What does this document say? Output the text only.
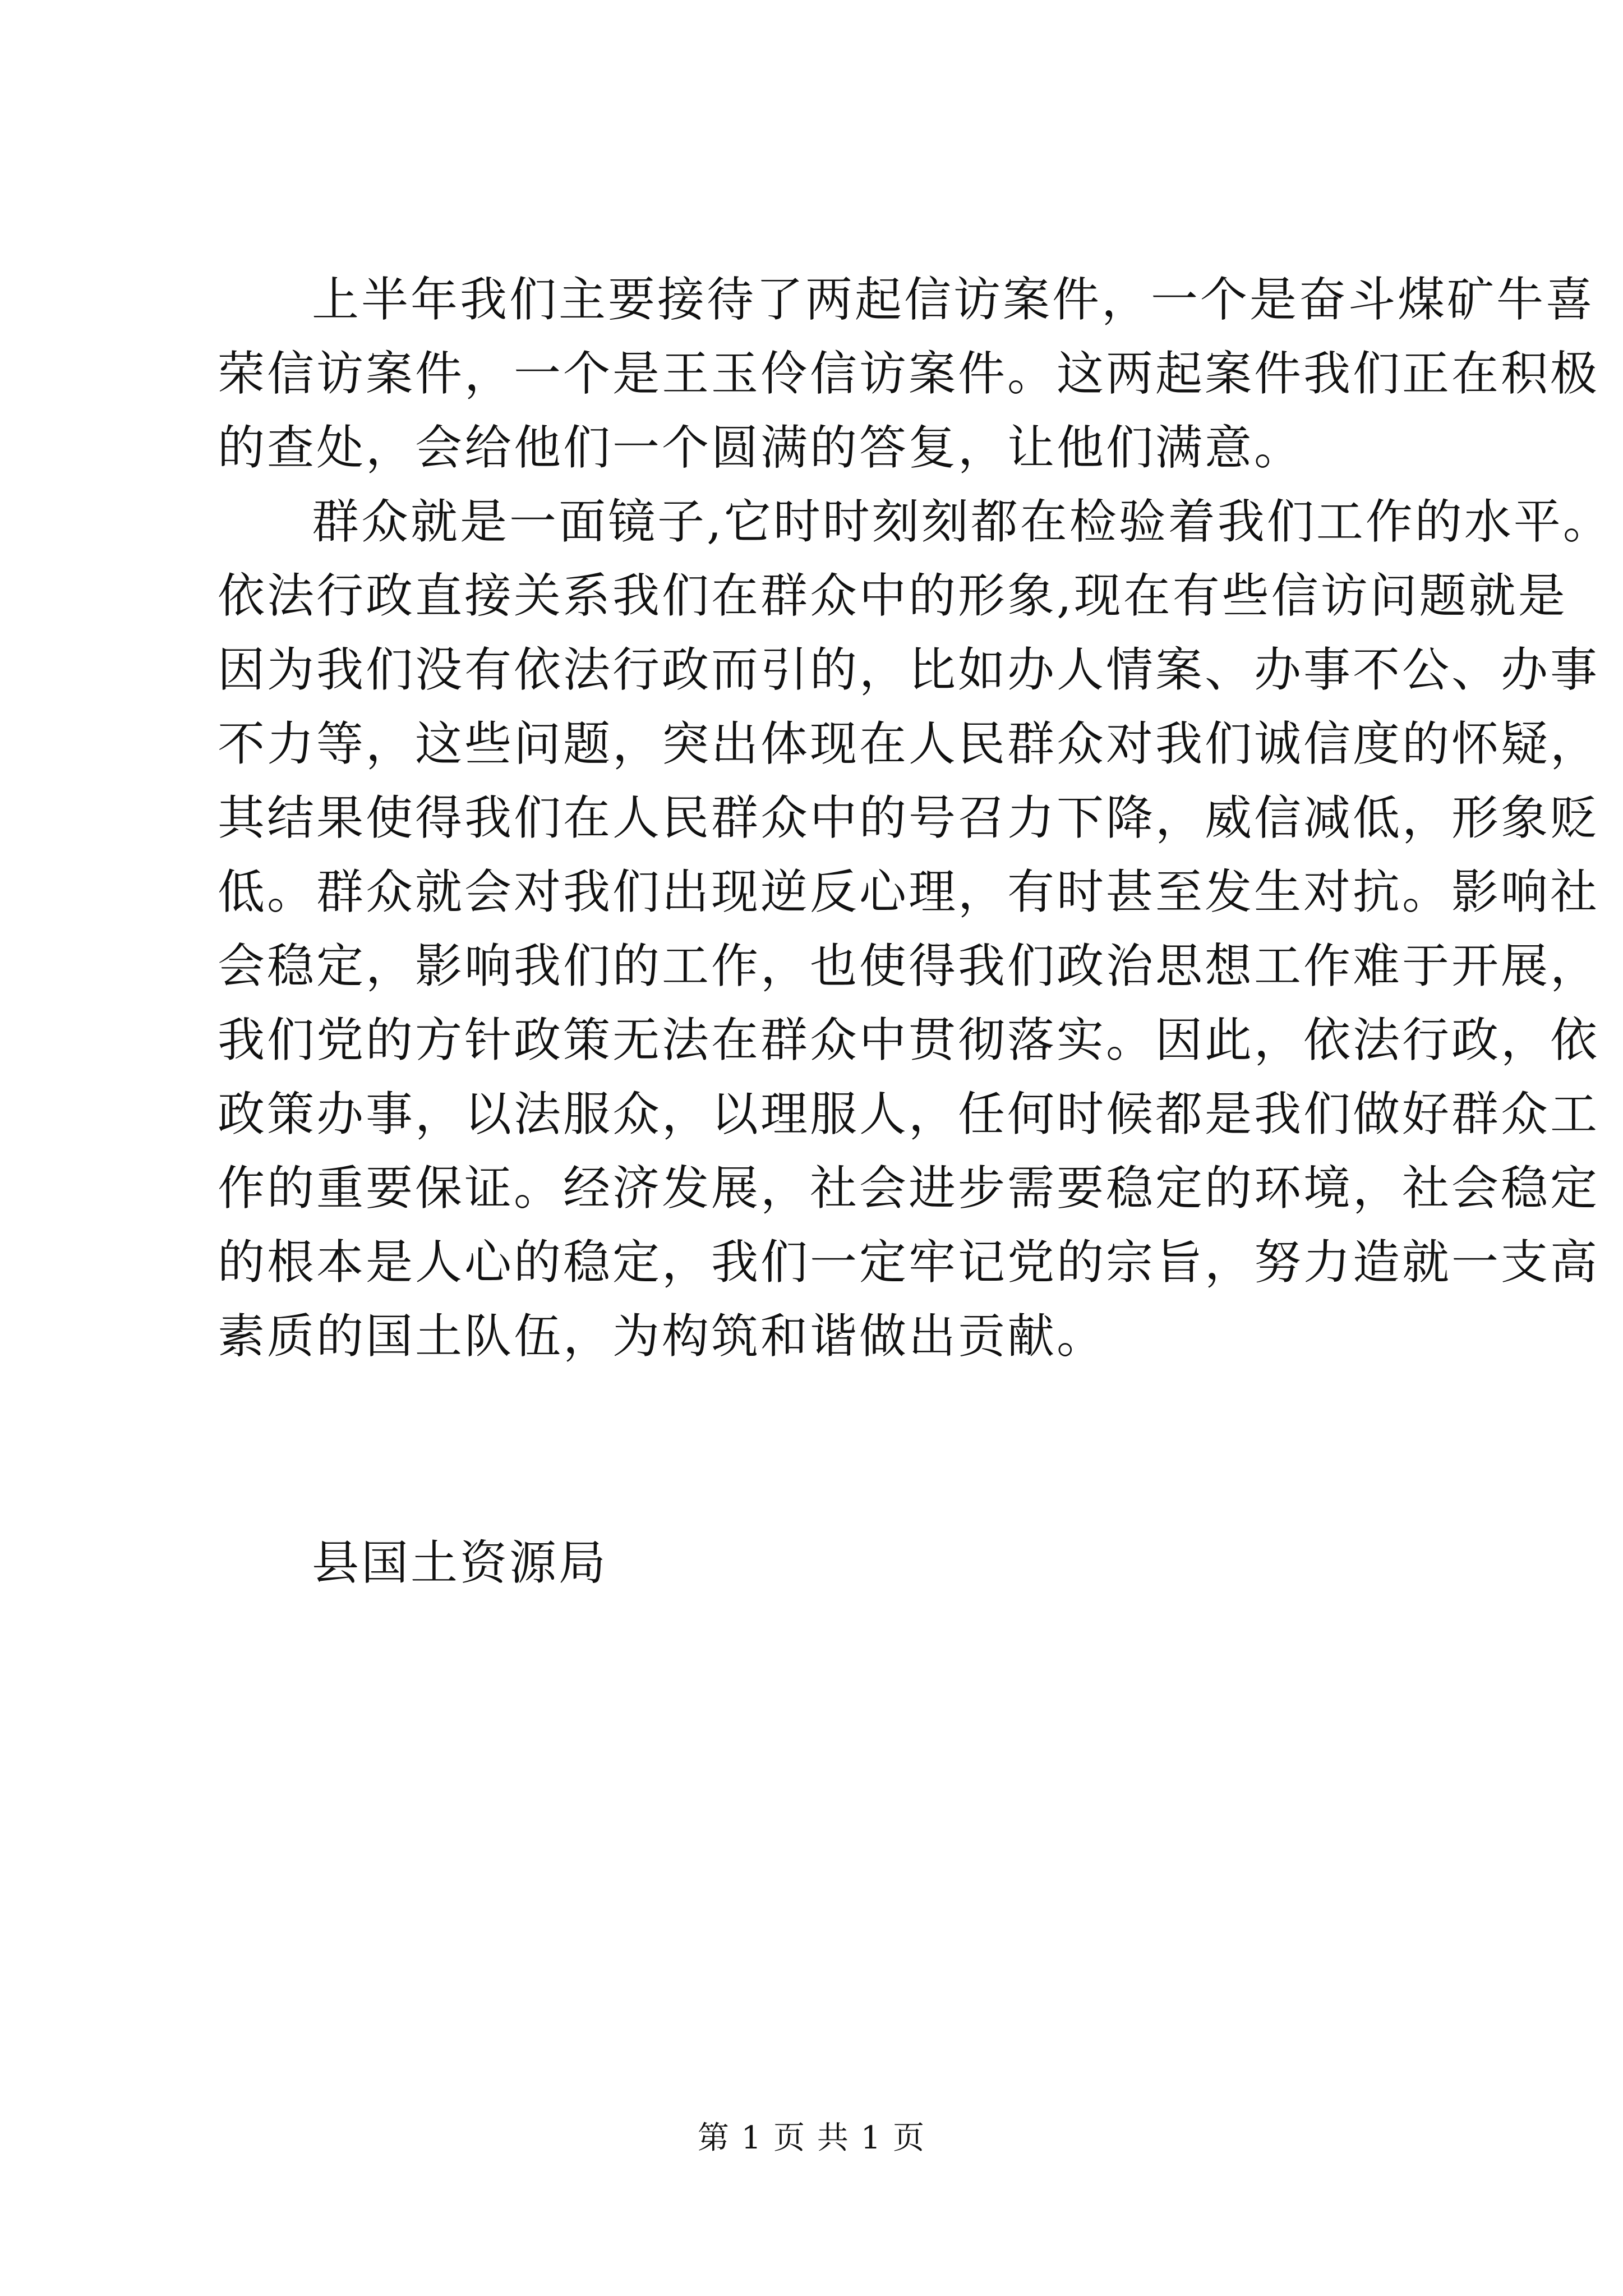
上半年我们主要接待了两起信访案件，一个是奋斗煤矿牛喜
荣信访案件，一个是王玉伶信访案件。这两起案件我们正在积极
的查处，会给他们一个圆满的答复，让他们满意。
群众就是一面镜子,它时时刻刻都在检验着我们工作的水平。
依法行政直接关系我们在群众中的形象,现在有些信访问题就是
因为我们没有依法行政而引的，比如办人情案、办事不公、办事
不力等，这些问题，突出体现在人民群众对我们诚信度的怀疑，
其结果使得我们在人民群众中的号召力下降，威信减低，形象贬
低。群众就会对我们出现逆反心理，有时甚至发生对抗。影响社
会稳定，影响我们的工作，也使得我们政治思想工作难于开展，
我们党的方针政策无法在群众中贯彻落实。因此，依法行政，依
政策办事，以法服众，以理服人，任何时候都是我们做好群众工
作的重要保证。经济发展，社会进步需要稳定的环境，社会稳定
的根本是人心的稳定，我们一定牢记党的宗旨，努力造就一支高
素质的国土队伍，为构筑和谐做出贡献。
县国土资源局
第 1 页 共 1 页
